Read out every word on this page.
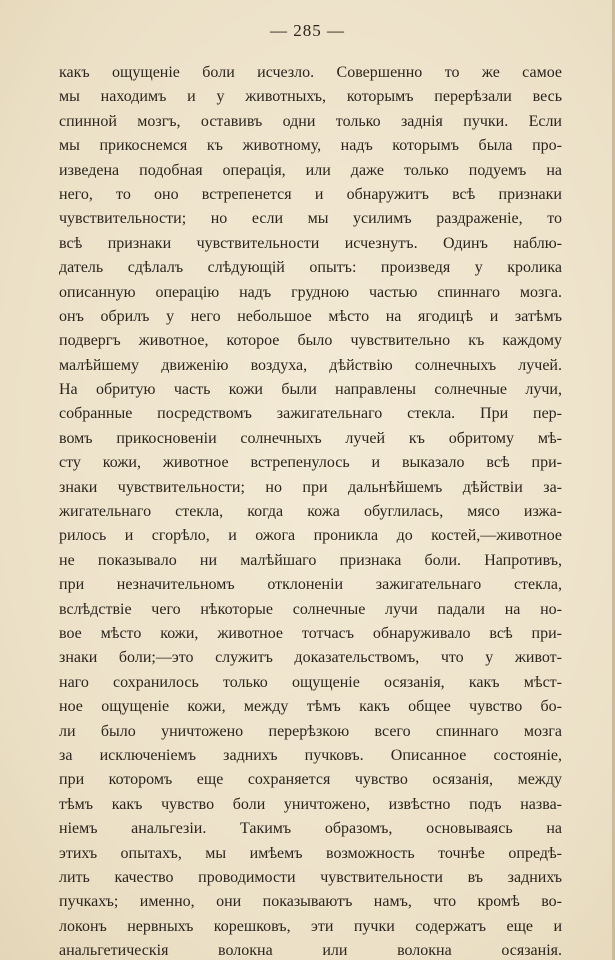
— 285 —
какъ ощущеніе боли исчезло. Совершенно то же самое
мы находимъ и у животныхъ, которымъ перерѣзали весь
спинной мозгъ, оставивъ одни только заднія пучки. Если
мы прикоснемся къ животному, надъ которымъ была про-
изведена подобная операція, или даже только подуемъ на
него, то оно встрепенется и обнаружитъ всѣ признаки
чувствительности; но если мы усилимъ раздраженіе, то
всѣ признаки чувствительности исчезнутъ. Одинъ наблю-
датель сдѣлалъ слѣдующій опытъ: произведя у кролика
описанную операцію надъ грудною частью спиннаго мозга.
онъ обрилъ у него небольшое мѣсто на ягодицѣ и затѣмъ
подвергъ животное, которое было чувствительно къ каждому
малѣйшему движенію воздуха, дѣйствію солнечныхъ лучей.
На обритую часть кожи были направлены солнечные лучи,
собранные посредствомъ зажигательнаго стекла. При пер-
вомъ прикосновеніи солнечныхъ лучей къ обритому мѣ-
сту кожи, животное встрепенулось и выказало всѣ при-
знаки чувствительности; но при дальнѣйшемъ дѣйствіи за-
жигательнаго стекла, когда кожа обуглилась, мясо изжа-
рилось и сгорѣло, и ожога проникла до костей,—животное
не показывало ни малѣйшаго признака боли. Напротивъ,
при незначительномъ отклоненіи зажигательнаго стекла,
вслѣдствіе чего нѣкоторые солнечные лучи падали на но-
вое мѣсто кожи, животное тотчасъ обнаруживало всѣ при-
знаки боли;—это служитъ доказательствомъ, что у живот-
наго сохранилось только ощущеніе осязанія, какъ мѣст-
ное ощущеніе кожи, между тѣмъ какъ общее чувство бо-
ли было уничтожено перерѣзкою всего спиннаго мозга
за исключеніемъ заднихъ пучковъ. Описанное состояніе,
при которомъ еще сохраняется чувство осязанія, между
тѣмъ какъ чувство боли уничтожено, извѣстно подъ назва-
ніемъ анальгезіи. Такимъ образомъ, основываясь на
этихъ опытахъ, мы имѣемъ возможность точнѣе опредѣ-
лить качество проводимости чувствительности въ заднихъ
пучкахъ; именно, они показываютъ намъ, что кромѣ во-
локонъ нервныхъ корешковъ, эти пучки содержатъ еще и
анальгетическія волокна или волокна осязанія.
